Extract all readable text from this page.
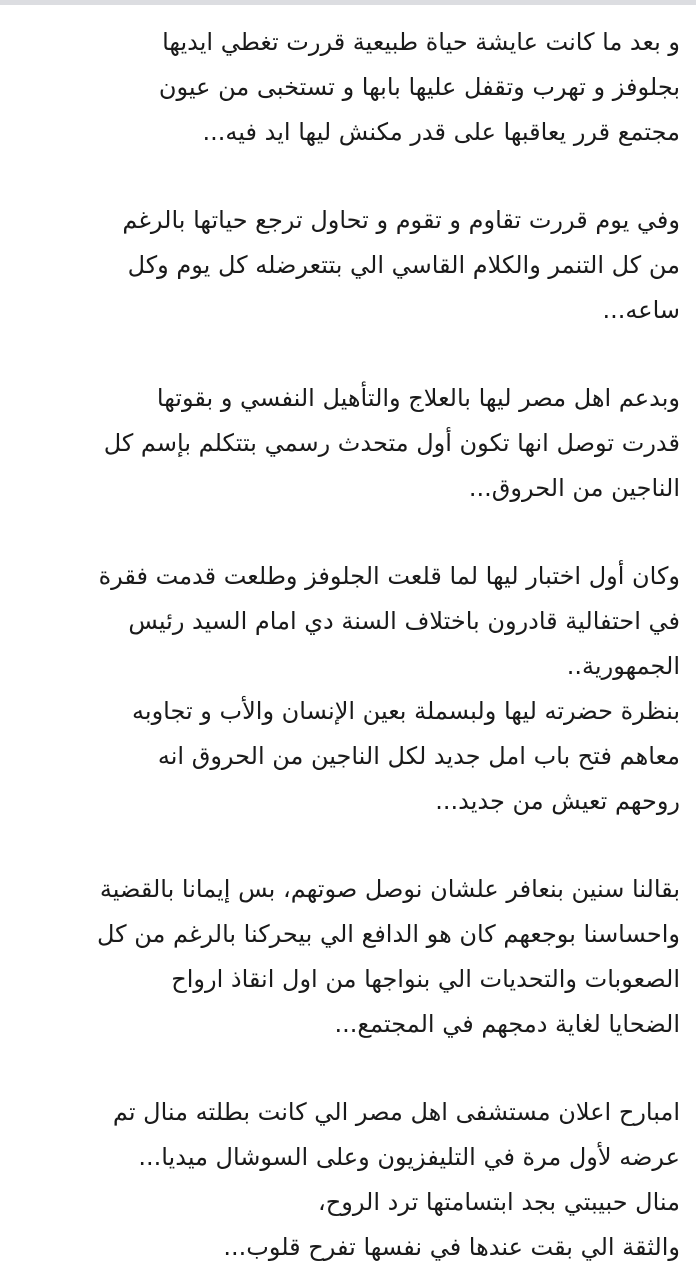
و بعد ما كانت عايشة حياة طبيعية قررت تغطي ايديها
بجلوفز و تهرب وتقفل عليها بابها و تستخبى من عيون
مجتمع قرر يعاقبها على قدر مكنش ليها ايد فيه...

وفي يوم قررت تقاوم و تقوم و تحاول ترجع حياتها بالرغم
من كل التنمر والكلام القاسي الي بتتعرضله كل يوم وكل
ساعه...

وبدعم اهل مصر ليها بالعلاج والتأهيل النفسي و بقوتها
قدرت توصل انها تكون أول متحدث رسمي بتتكلم بإسم كل
الناجين من الحروق...

وكان أول اختبار ليها لما قلعت الجلوفز وطلعت قدمت فقرة
في احتفالية قادرون باختلاف السنة دي امام السيد رئيس
الجمهورية..
بنظرة حضرته ليها ولبسملة بعين الإنسان والأب و تجاوبه
معاهم فتح باب امل جديد لكل الناجين من الحروق انه
روحهم تعيش من جديد...

بقالنا سنين بنعافر علشان نوصل صوتهم، بس إيمانا بالقضية
واحساسنا بوجعهم كان هو الدافع الي بيحركنا بالرغم من كل
الصعوبات والتحديات الي بنواجها من اول انقاذ ارواح
الضحايا لغاية دمجهم في المجتمع...

امبارح اعلان مستشفى اهل مصر الي كانت بطلته منال تم
عرضه لأول مرة في التليفزيون وعلى السوشال ميديا...
منال حبيبتي بجد ابتسامتها ترد الروح،
والثقة الي بقت عندها في نفسها تفرح قلوب...
